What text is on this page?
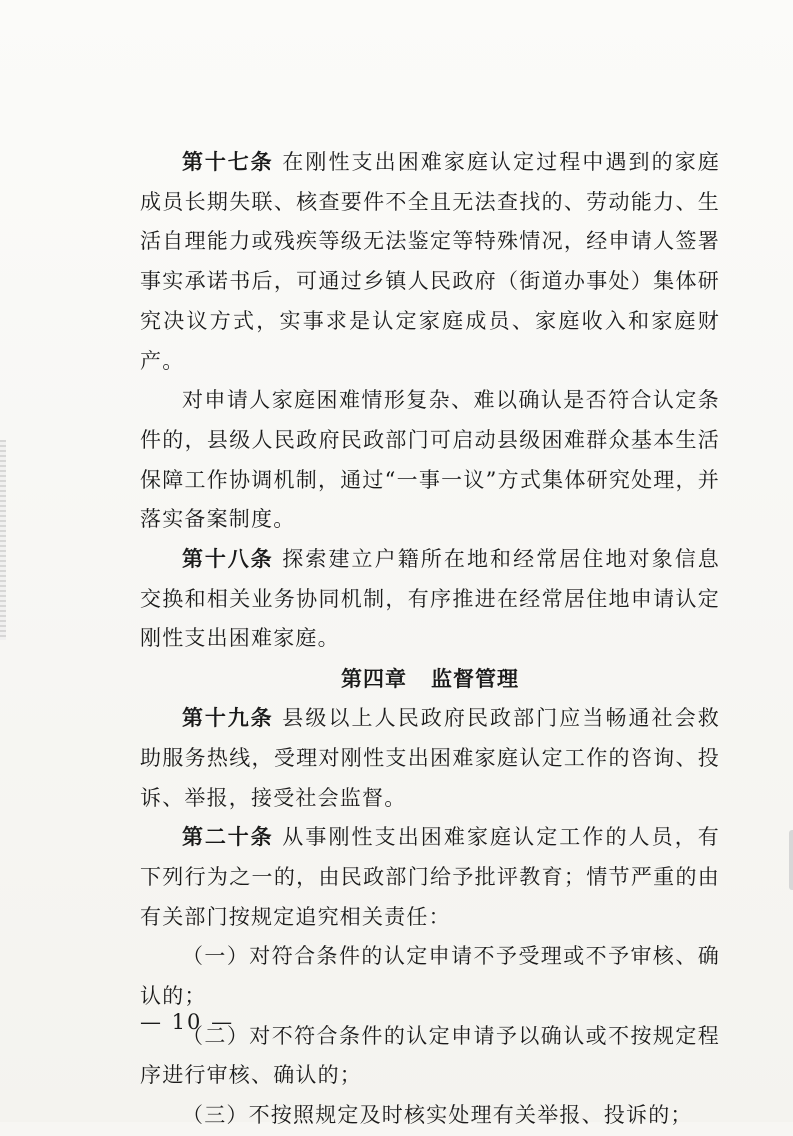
第十七条 在刚性支出困难家庭认定过程中遇到的家庭成员长期失联、核查要件不全且无法查找的、劳动能力、生活自理能力或残疾等级无法鉴定等特殊情况，经申请人签署事实承诺书后，可通过乡镇人民政府（街道办事处）集体研究决议方式，实事求是认定家庭成员、家庭收入和家庭财产。

对申请人家庭困难情形复杂、难以确认是否符合认定条件的，县级人民政府民政部门可启动县级困难群众基本生活保障工作协调机制，通过“一事一议”方式集体研究处理，并落实备案制度。

第十八条 探索建立户籍所在地和经常居住地对象信息交换和相关业务协同机制，有序推进在经常居住地申请认定刚性支出困难家庭。

第四章 监督管理

第十九条 县级以上人民政府民政部门应当畅通社会救助服务热线，受理对刚性支出困难家庭认定工作的咨询、投诉、举报，接受社会监督。

第二十条 从事刚性支出困难家庭认定工作的人员，有下列行为之一的，由民政部门给予批评教育；情节严重的由有关部门按规定追究相关责任：

（一）对符合条件的认定申请不予受理或不予审核、确认的；

（二）对不符合条件的认定申请予以确认或不按规定程序进行审核、确认的；

（三）不按照规定及时核实处理有关举报、投诉的；

— 10 —
